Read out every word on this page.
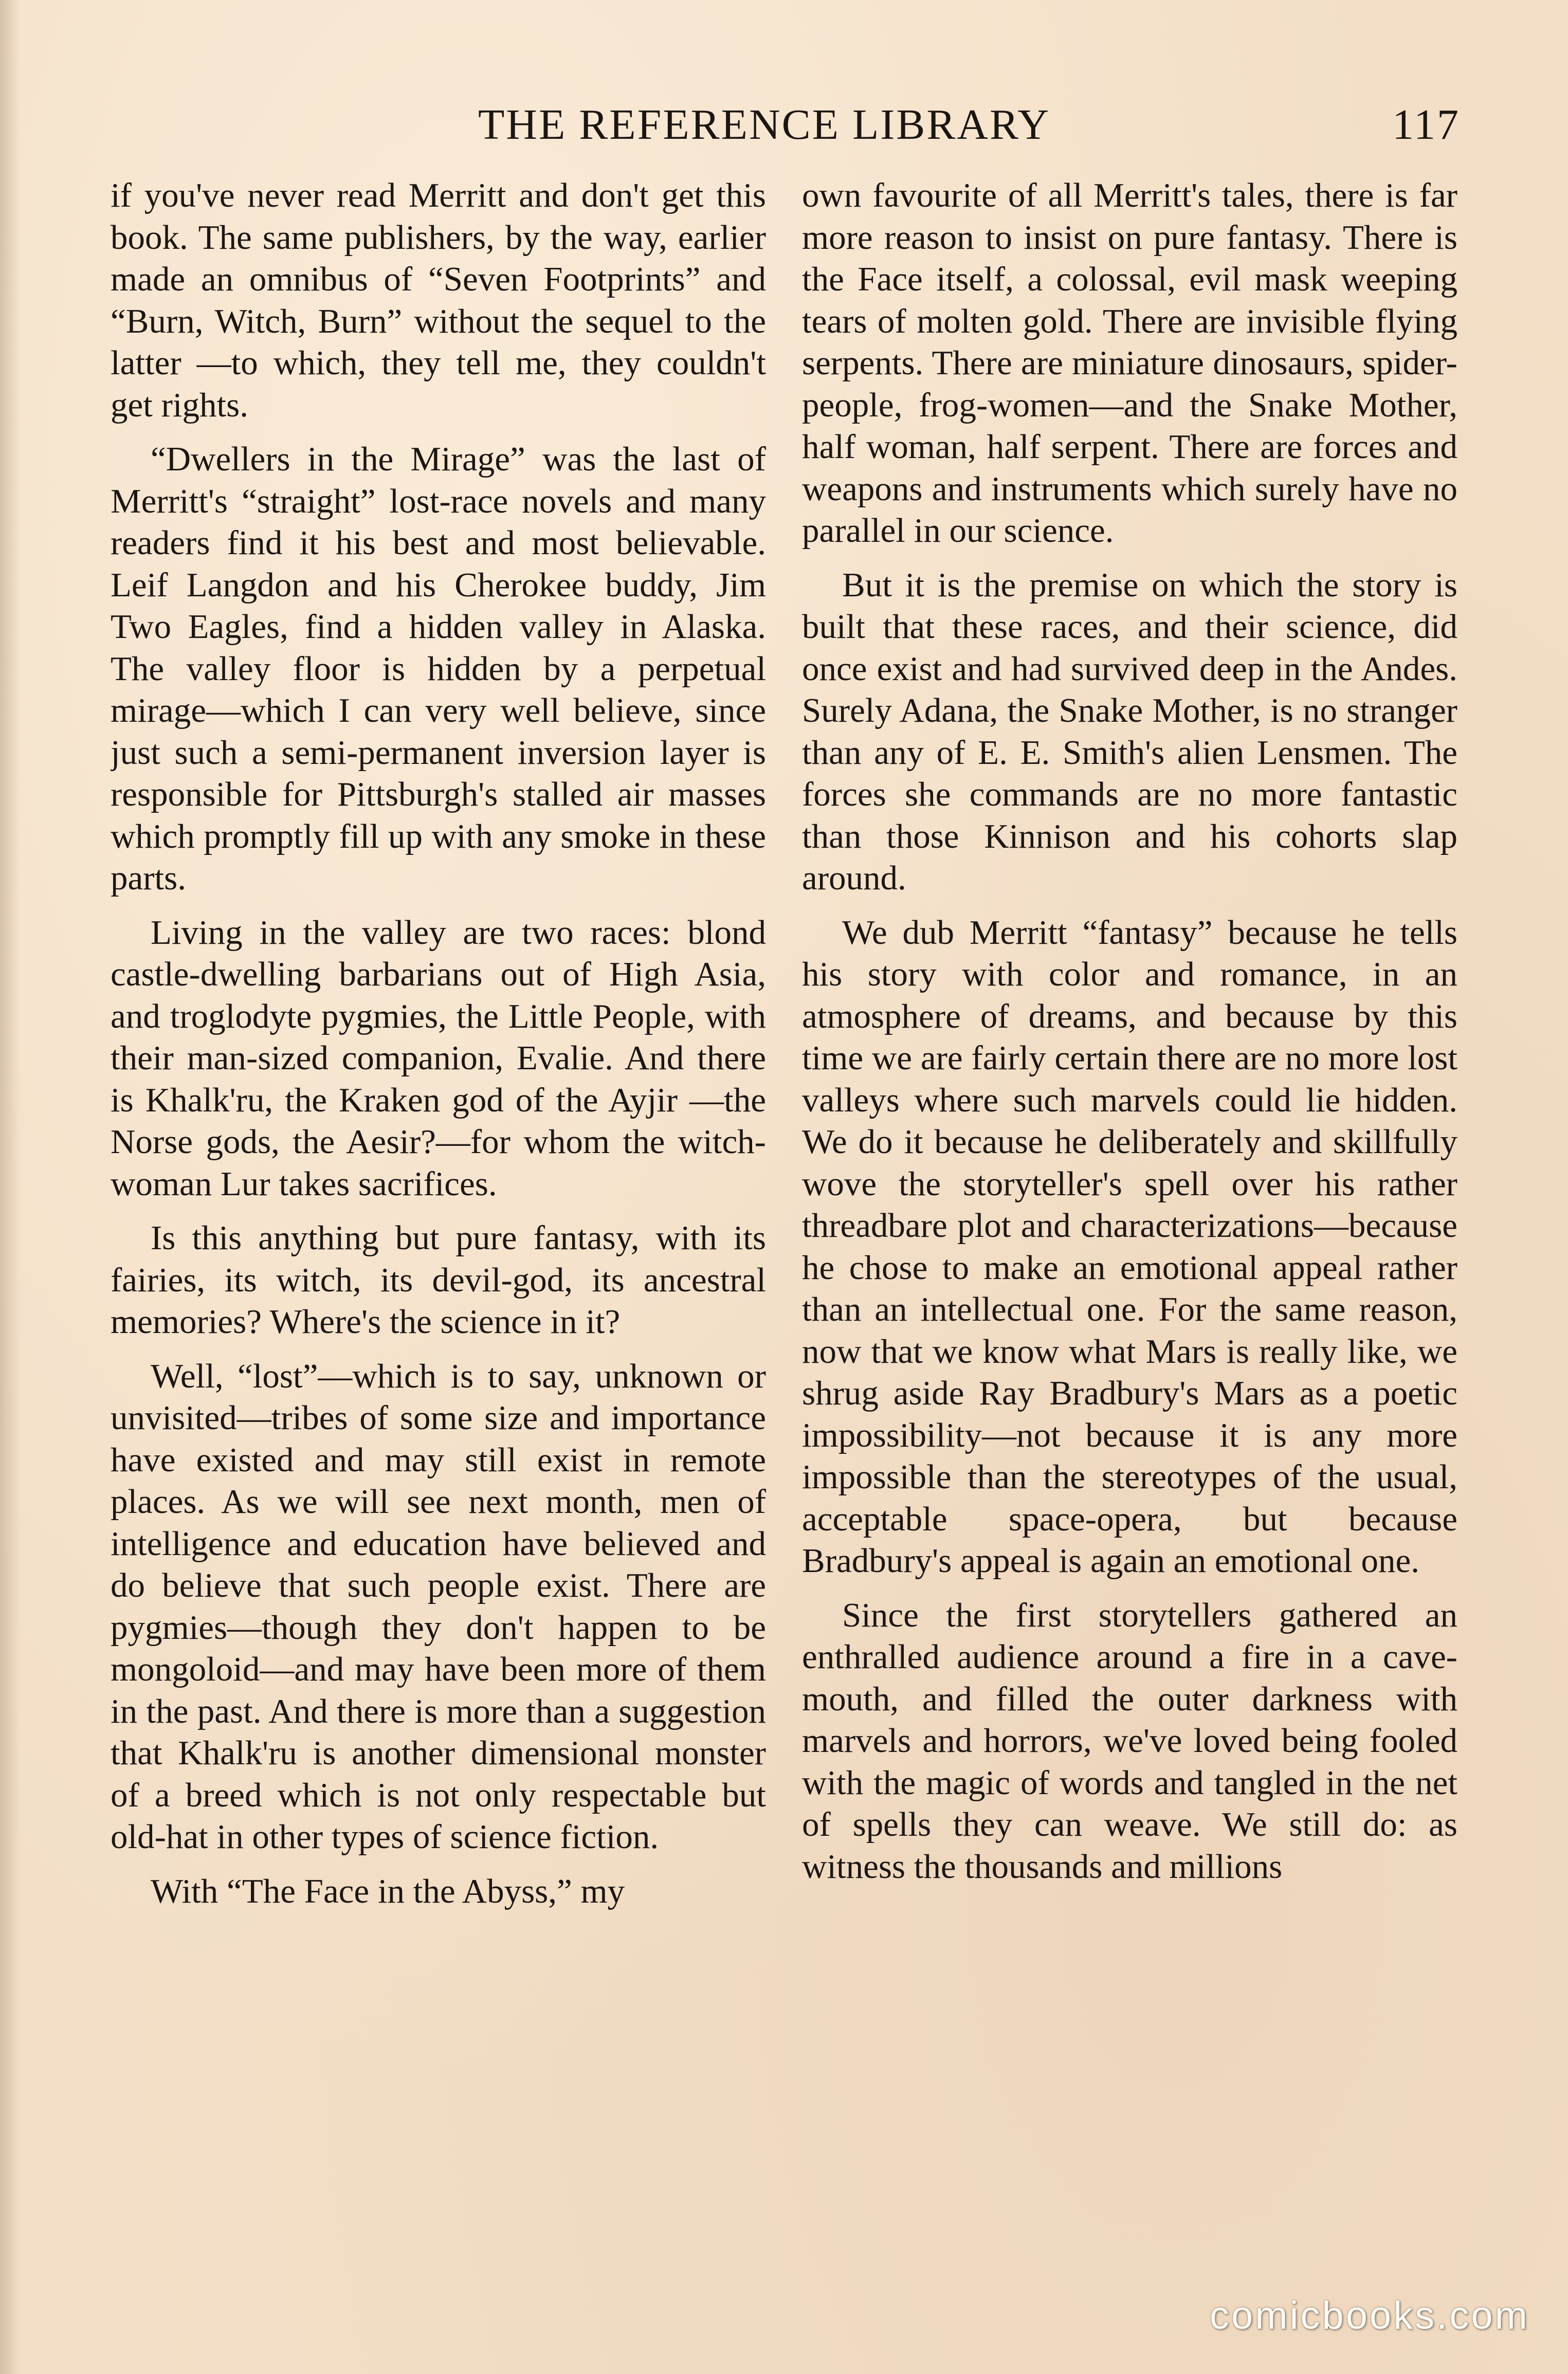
THE REFERENCE LIBRARY	117

if you've never read Merritt and don't get this book. The same publishers, by the way, earlier made an omnibus of “Seven Footprints” and “Burn, Witch, Burn” without the sequel to the latter —to which, they tell me, they couldn't get rights.

“Dwellers in the Mirage” was the last of Merritt's “straight” lost-race novels and many readers find it his best and most believable. Leif Langdon and his Cherokee buddy, Jim Two Eagles, find a hidden valley in Alaska. The valley floor is hidden by a perpetual mirage—which I can very well believe, since just such a semi-permanent inversion layer is responsible for Pittsburgh's stalled air masses which promptly fill up with any smoke in these parts.

Living in the valley are two races: blond castle-dwelling barbarians out of High Asia, and troglodyte pygmies, the Little People, with their man-sized companion, Evalie. And there is Khalk'ru, the Kraken god of the Ayjir —the Norse gods, the Aesir?—for whom the witch-woman Lur takes sacrifices.

Is this anything but pure fantasy, with its fairies, its witch, its devil-god, its ancestral memories? Where's the science in it?

Well, “lost”—which is to say, unknown or unvisited—tribes of some size and importance have existed and may still exist in remote places. As we will see next month, men of intelligence and education have believed and do believe that such people exist. There are pygmies—though they don't happen to be mongoloid—and may have been more of them in the past. And there is more than a suggestion that Khalk'ru is another dimensional monster of a breed which is not only respectable but old-hat in other types of science fiction.

With “The Face in the Abyss,” my

own favourite of all Merritt's tales, there is far more reason to insist on pure fantasy. There is the Face itself, a colossal, evil mask weeping tears of molten gold. There are invisible flying serpents. There are miniature dinosaurs, spider-people, frog-women—and the Snake Mother, half woman, half serpent. There are forces and weapons and instruments which surely have no parallel in our science.

But it is the premise on which the story is built that these races, and their science, did once exist and had survived deep in the Andes. Surely Adana, the Snake Mother, is no stranger than any of E. E. Smith's alien Lensmen. The forces she commands are no more fantastic than those Kinnison and his cohorts slap around.

We dub Merritt “fantasy” because he tells his story with color and romance, in an atmosphere of dreams, and because by this time we are fairly certain there are no more lost valleys where such marvels could lie hidden. We do it because he deliberately and skillfully wove the storyteller's spell over his rather threadbare plot and characterizations—because he chose to make an emotional appeal rather than an intellectual one. For the same reason, now that we know what Mars is really like, we shrug aside Ray Bradbury's Mars as a poetic impossibility—not because it is any more impossible than the stereotypes of the usual, acceptable space-opera, but because Bradbury's appeal is again an emotional one.

Since the first storytellers gathered an enthralled audience around a fire in a cave-mouth, and filled the outer darkness with marvels and horrors, we've loved being fooled with the magic of words and tangled in the net of spells they can weave. We still do: as witness the thousands and millions

comicbooks.com
